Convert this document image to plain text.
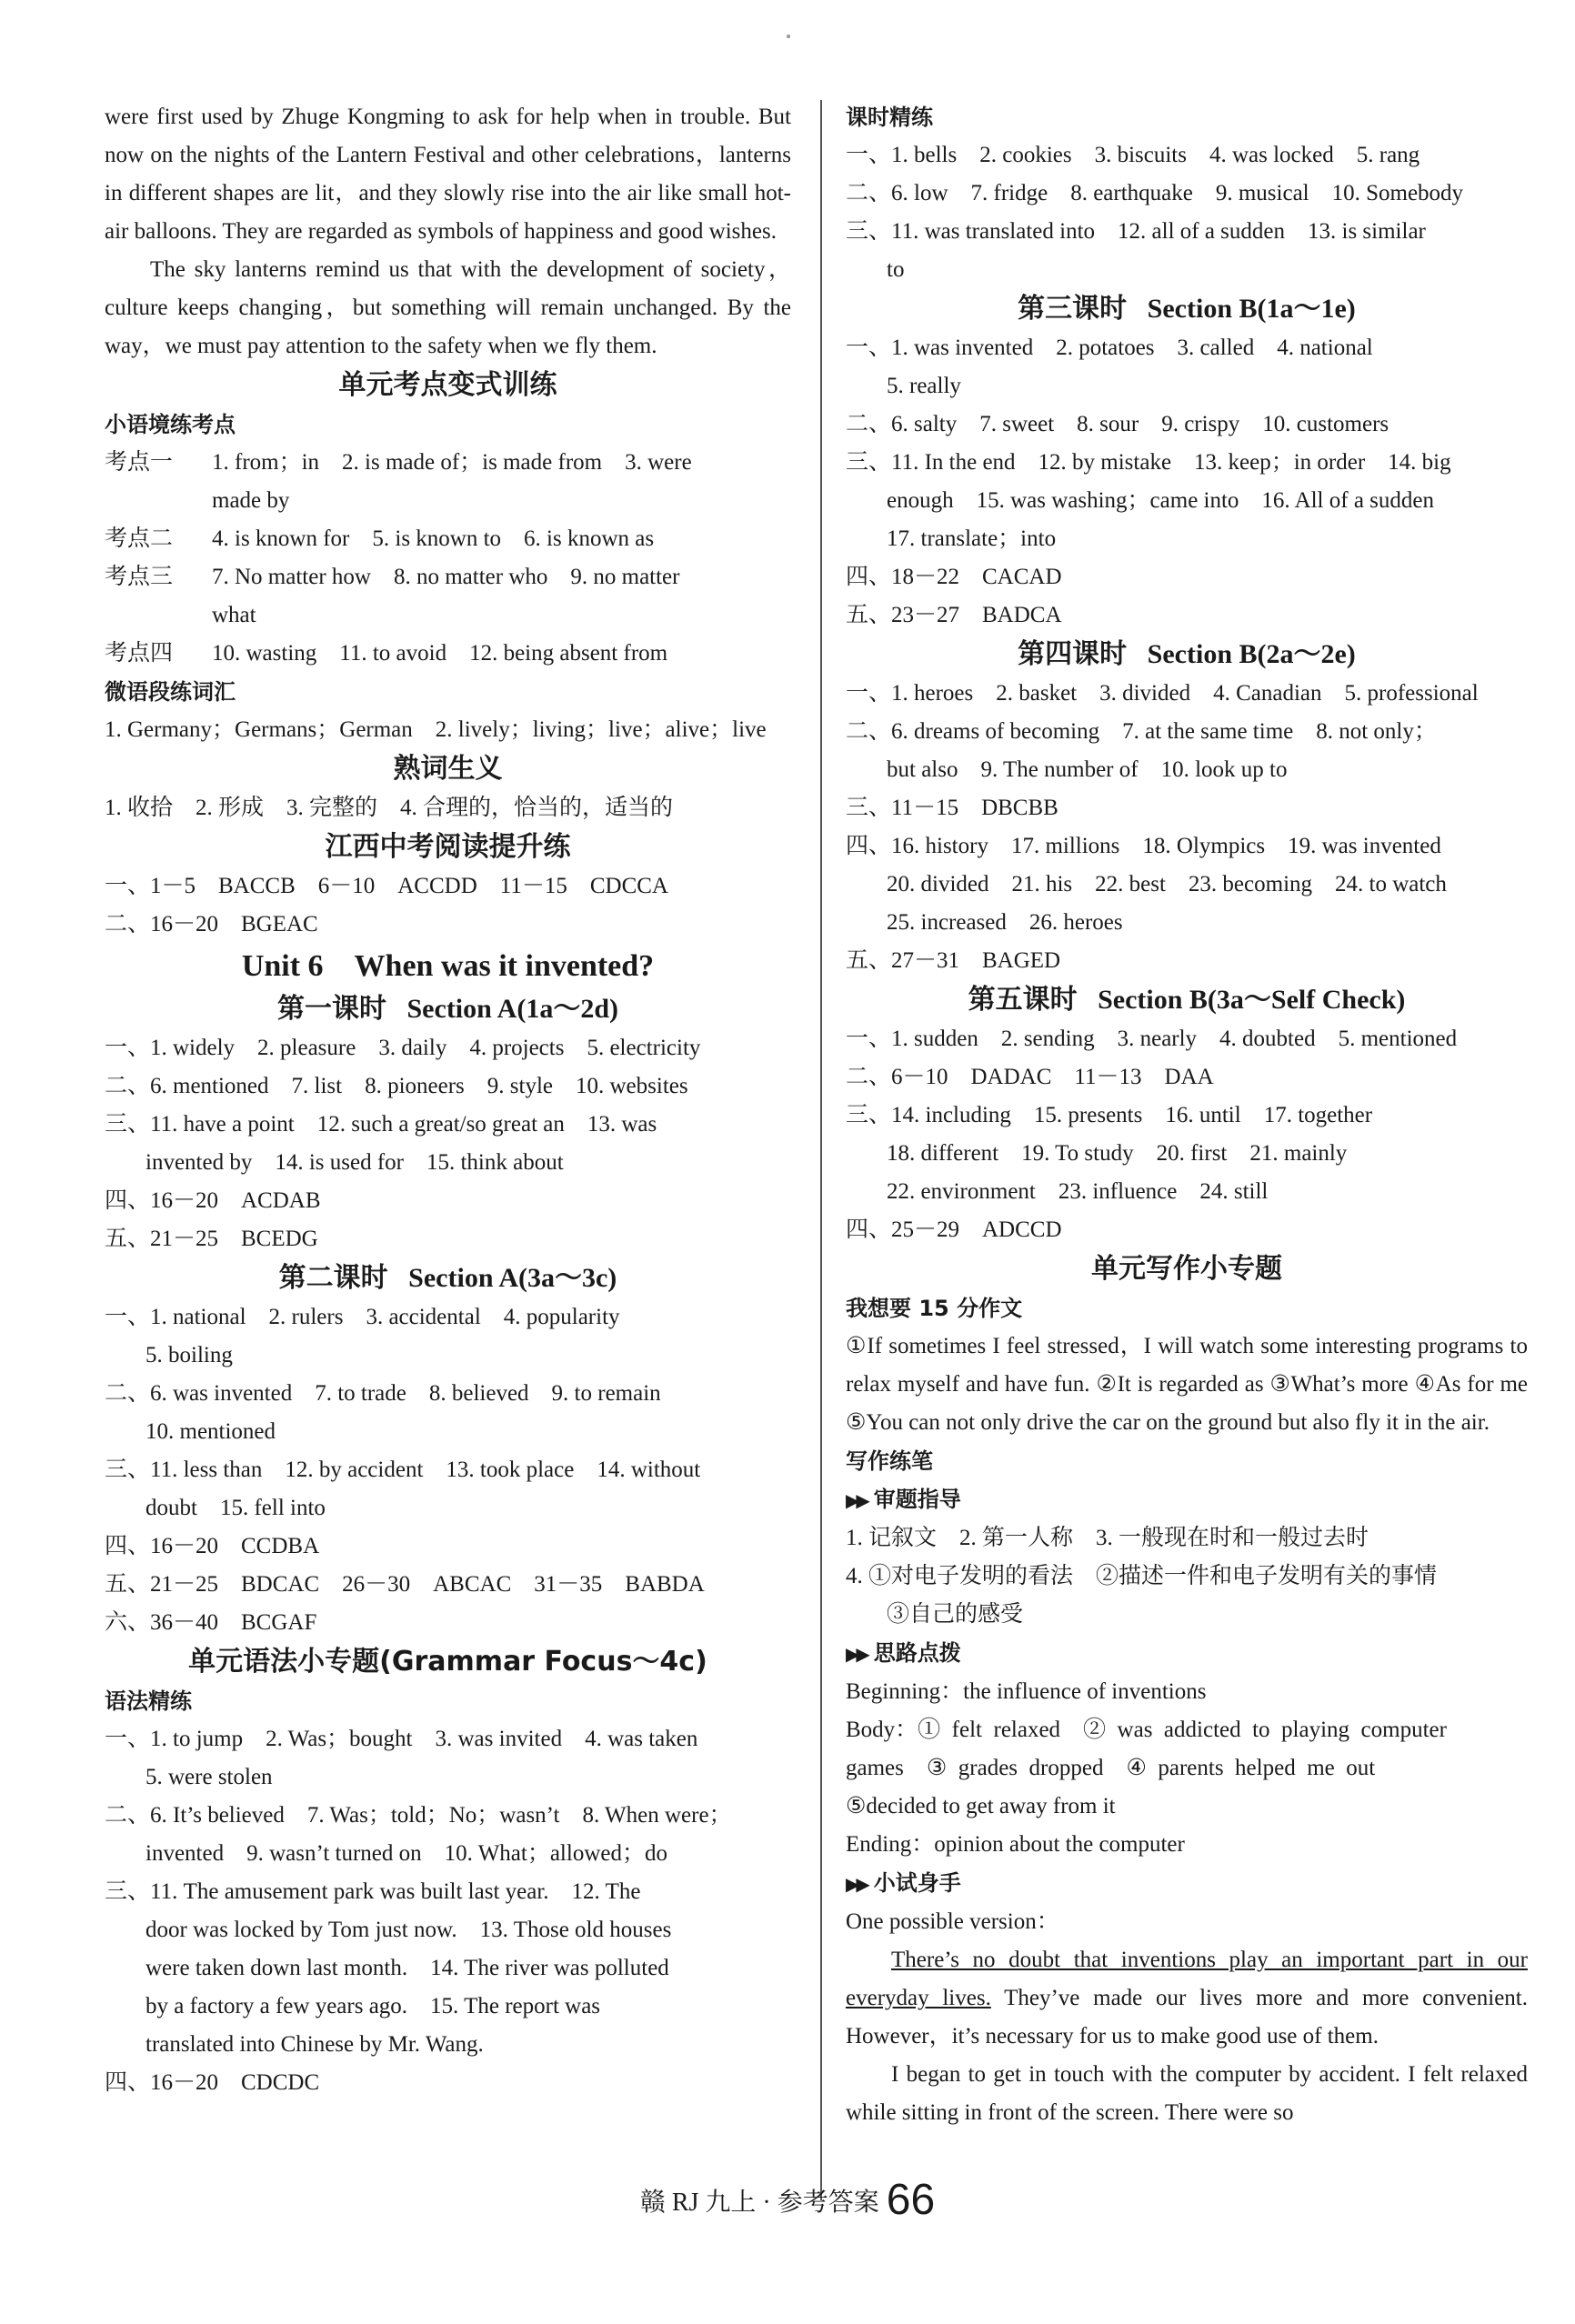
were first used by Zhuge Kongming to ask for help when in trouble. But now on the nights of the Lantern Festival and other celebrations，lanterns in different shapes are lit，and they slowly rise into the air like small hot-air balloons. They are regarded as symbols of happiness and good wishes.

The sky lanterns remind us that with the development of society，culture keeps changing，but something will remain unchanged. By the way，we must pay attention to the safety when we fly them.

单元考点变式训练
小语境练考点
考点一 1. from；in    2. is made of；is made from    3. were
made by
考点二 4. is known for    5. is known to    6. is known as
考点三 7. No matter how    8. no matter who    9. no matter
what
考点四 10. wasting    11. to avoid    12. being absent from
微语段练词汇
1. Germany；Germans；German    2. lively；living；live；alive；live
熟词生义
1. 收拾    2. 形成    3. 完整的    4. 合理的，恰当的，适当的
江西中考阅读提升练
一、1－5    BACCB    6－10    ACCDD    11－15    CDCCA
二、16－20    BGEAC
Unit 6    When was it invented?
第一课时 Section A(1a～2d)
一、1. widely    2. pleasure    3. daily    4. projects    5. electricity
二、6. mentioned    7. list    8. pioneers    9. style    10. websites
三、11. have a point    12. such a great/so great an    13. was
invented by    14. is used for    15. think about
四、16－20    ACDAB
五、21－25    BCEDG
第二课时 Section A(3a～3c)
一、1. national    2. rulers    3. accidental    4. popularity
5. boiling
二、6. was invented    7. to trade    8. believed    9. to remain
10. mentioned
三、11. less than    12. by accident    13. took place    14. without
doubt    15. fell into
四、16－20    CCDBA
五、21－25    BDCAC    26－30    ABCAC    31－35    BABDA
六、36－40    BCGAF
单元语法小专题(Grammar Focus～4c)
语法精练
一、1. to jump    2. Was；bought    3. was invited    4. was taken
5. were stolen
二、6. It’s believed    7. Was；told；No；wasn’t    8. When were；
invented    9. wasn’t turned on    10. What；allowed；do
三、11. The amusement park was built last year.    12. The
door was locked by Tom just now.    13. Those old houses
were taken down last month.    14. The river was polluted
by a factory a few years ago.    15. The report was
translated into Chinese by Mr. Wang.
四、16－20    CDCDC
课时精练
一、1. bells    2. cookies    3. biscuits    4. was locked    5. rang
二、6. low    7. fridge    8. earthquake    9. musical    10. Somebody
三、11. was translated into    12. all of a sudden    13. is similar
to
第三课时 Section B(1a～1e)
一、1. was invented    2. potatoes    3. called    4. national
5. really
二、6. salty    7. sweet    8. sour    9. crispy    10. customers
三、11. In the end    12. by mistake    13. keep；in order    14. big
enough    15. was washing；came into    16. All of a sudden
17. translate；into
四、18－22    CACAD
五、23－27    BADCA
第四课时 Section B(2a～2e)
一、1. heroes    2. basket    3. divided    4. Canadian    5. professional
二、6. dreams of becoming    7. at the same time    8. not only；
but also    9. The number of    10. look up to
三、11－15    DBCBB
四、16. history    17. millions    18. Olympics    19. was invented
20. divided    21. his    22. best    23. becoming    24. to watch
25. increased    26. heroes
五、27－31    BAGED
第五课时 Section B(3a～Self Check)
一、1. sudden    2. sending    3. nearly    4. doubted    5. mentioned
二、6－10    DADAC    11－13    DAA
三、14. including    15. presents    16. until    17. together
18. different    19. To study    20. first    21. mainly
22. environment    23. influence    24. still
四、25－29    ADCCD
单元写作小专题
我想要 15 分作文

①If sometimes I feel stressed，I will watch some interesting programs to relax myself and have fun. ②It is regarded as ③What’s more ④As for me ⑤You can not only drive the car on the ground but also fly it in the air.

写作练笔
▶▶ 审题指导
1. 记叙文    2. 第一人称    3. 一般现在时和一般过去时
4. ①对电子发明的看法    ②描述一件和电子发明有关的事情
③自己的感受
▶▶ 思路点拨
Beginning：the influence of inventions
Body：①  felt  relaxed    ②  was  addicted  to  playing  computer
games    ③  grades  dropped    ④  parents  helped  me  out
⑤decided to get away from it
Ending：opinion about the computer
▶▶ 小试身手
One possible version：

There’s no doubt that inventions play an important part in our everyday lives. They’ve made our lives more and more convenient. However，it’s necessary for us to make good use of them.

I began to get in touch with the computer by accident. I felt relaxed while sitting in front of the screen. There were so

赣 RJ 九上 · 参考答案 66
